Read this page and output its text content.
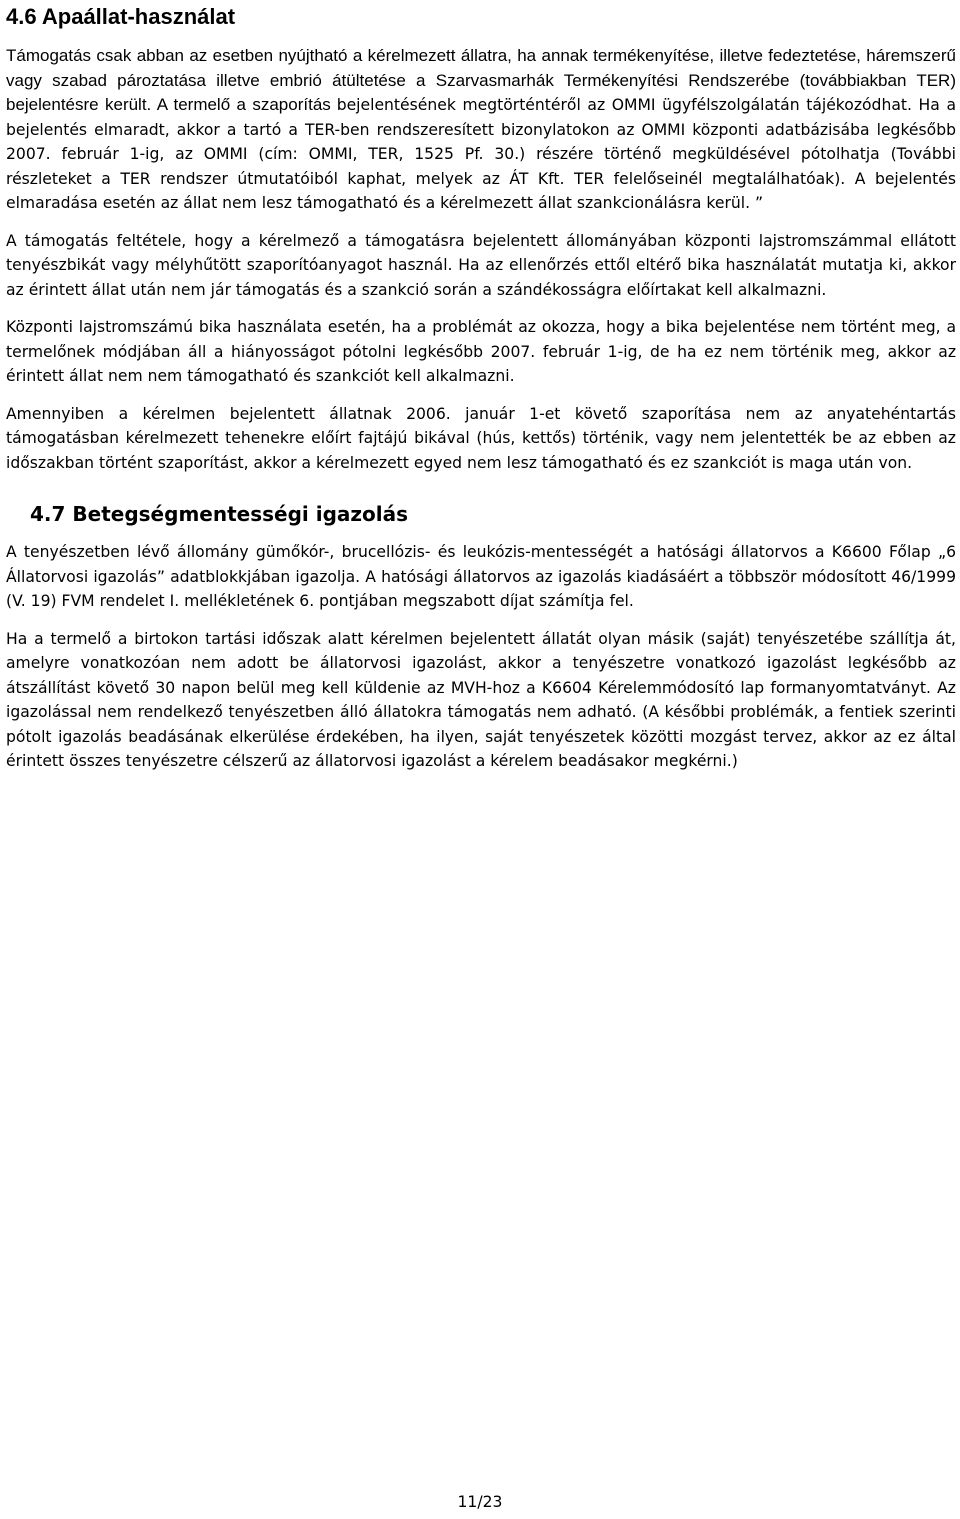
4.6 Apaállat-használat

Támogatás csak abban az esetben nyújtható a kérelmezett állatra, ha annak termékenyítése, illetve fedeztetése, háremszerű vagy szabad pároztatása illetve embrió átültetése a Szarvasmarhák Termékenyítési Rendszerébe (továbbiakban TER) bejelentésre került. A termelő a szaporítás bejelentésének megtörténtéről az OMMI ügyfélszolgálatán tájékozódhat. Ha a bejelentés elmaradt, akkor a tartó a TER-ben rendszeresített bizonylatokon az OMMI központi adatbázisába legkésőbb 2007. február 1-ig, az OMMI (cím: OMMI, TER, 1525 Pf. 30.) részére történő megküldésével pótolhatja (További részleteket a TER rendszer útmutatóiból kaphat, melyek az ÁT Kft. TER felelőseinél megtalálhatóak). A bejelentés elmaradása esetén az állat nem lesz támogatható és a kérelmezett állat szankcionálásra kerül. ”

A támogatás feltétele, hogy a kérelmező a támogatásra bejelentett állományában központi lajstromszámmal ellátott tenyészbikát vagy mélyhűtött szaporítóanyagot használ. Ha az ellenőrzés ettől eltérő bika használatát mutatja ki, akkor az érintett állat után nem jár támogatás és a szankció során a szándékosságra előírtakat kell alkalmazni.

Központi lajstromszámú bika használata esetén, ha a problémát az okozza, hogy a bika bejelentése nem történt meg, a termelőnek módjában áll a hiányosságot pótolni legkésőbb 2007. február 1-ig, de ha ez nem történik meg, akkor az érintett állat nem nem támogatható és szankciót kell alkalmazni.

Amennyiben a kérelmen bejelentett állatnak 2006. január 1-et követő szaporítása nem az anyatehéntartás támogatásban kérelmezett tehenekre előírt fajtájú bikával (hús, kettős) történik, vagy nem jelentették be az ebben az időszakban történt szaporítást, akkor a kérelmezett egyed nem lesz támogatható és ez szankciót is maga után von.

4.7 Betegségmentességi igazolás

A tenyészetben lévő állomány gümőkór-, brucellózis- és leukózis-mentességét a hatósági állatorvos a K6600 Főlap „6 Állatorvosi igazolás” adatblokkjában igazolja. A hatósági állatorvos az igazolás kiadásáért a többször módosított 46/1999 (V. 19) FVM rendelet I. mellékletének 6. pontjában megszabott díjat számítja fel.

Ha a termelő a birtokon tartási időszak alatt kérelmen bejelentett állatát olyan másik (saját) tenyészetébe szállítja át, amelyre vonatkozóan nem adott be állatorvosi igazolást, akkor a tenyészetre vonatkozó igazolást legkésőbb az átszállítást követő 30 napon belül meg kell küldenie az MVH-hoz a K6604 Kérelemmódosító lap formanyomtatványt. Az igazolással nem rendelkező tenyészetben álló állatokra támogatás nem adható. (A későbbi problémák, a fentiek szerinti pótolt igazolás beadásának elkerülése érdekében, ha ilyen, saját tenyészetek közötti mozgást tervez, akkor az ez által érintett összes tenyészetre célszerű az állatorvosi igazolást a kérelem beadásakor megkérni.)

11/23
